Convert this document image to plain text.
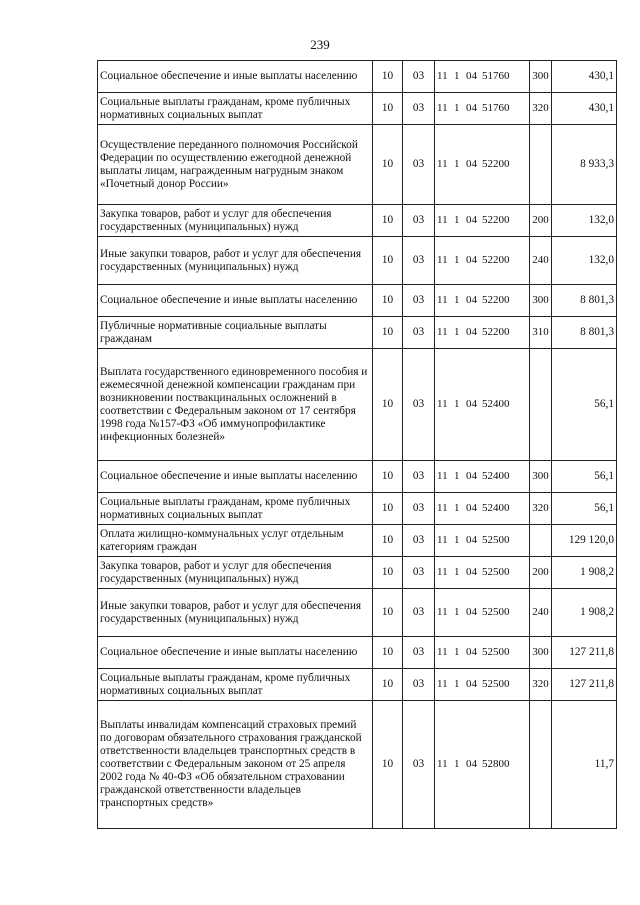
239
Социальное обеспечение и иные выплаты населению	10	03	11 1 04 51760	300	430,1
Социальные выплаты гражданам, кроме публичных нормативных социальных выплат	10	03	11 1 04 51760	320	430,1
Осуществление переданного полномочия Российской Федерации по осуществлению ежегодной денежной выплаты лицам, награжденным нагрудным знаком «Почетный донор России»	10	03	11 1 04 52200		8 933,3
Закупка товаров, работ и услуг для обеспечения государственных (муниципальных) нужд	10	03	11 1 04 52200	200	132,0
Иные закупки товаров, работ и услуг для обеспечения государственных (муниципальных) нужд	10	03	11 1 04 52200	240	132,0
Социальное обеспечение и иные выплаты населению	10	03	11 1 04 52200	300	8 801,3
Публичные нормативные социальные выплаты гражданам	10	03	11 1 04 52200	310	8 801,3
Выплата государственного единовременного пособия и ежемесячной денежной компенсации гражданам при возникновении поствакцинальных осложнений в соответствии с Федеральным законом от 17 сентября 1998 года №157-ФЗ «Об иммунопрофилактике инфекционных болезней»	10	03	11 1 04 52400		56,1
Социальное обеспечение и иные выплаты населению	10	03	11 1 04 52400	300	56,1
Социальные выплаты гражданам, кроме публичных нормативных социальных выплат	10	03	11 1 04 52400	320	56,1
Оплата жилищно-коммунальных услуг отдельным категориям граждан	10	03	11 1 04 52500		129 120,0
Закупка товаров, работ и услуг для обеспечения государственных (муниципальных) нужд	10	03	11 1 04 52500	200	1 908,2
Иные закупки товаров, работ и услуг для обеспечения государственных (муниципальных) нужд	10	03	11 1 04 52500	240	1 908,2
Социальное обеспечение и иные выплаты населению	10	03	11 1 04 52500	300	127 211,8
Социальные выплаты гражданам, кроме публичных нормативных социальных выплат	10	03	11 1 04 52500	320	127 211,8
Выплаты инвалидам компенсаций страховых премий по договорам обязательного страхования гражданской ответственности владельцев транспортных средств в соответствии с Федеральным законом от 25 апреля 2002 года № 40-ФЗ «Об обязательном страховании гражданской ответственности владельцев транспортных средств»	10	03	11 1 04 52800		11,7
